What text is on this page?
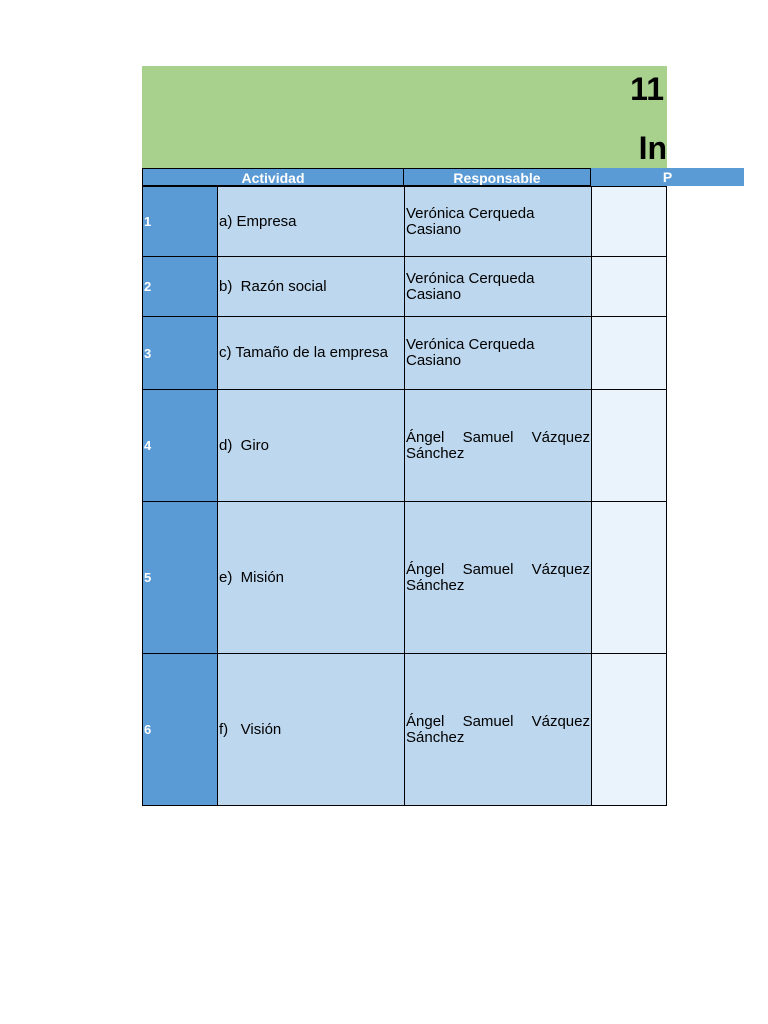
11
In
Actividad	Responsable	P
1	a) Empresa	Verónica Cerqueda Casiano
2	b)  Razón social	Verónica Cerqueda Casiano
3	c) Tamaño de la empresa	Verónica Cerqueda Casiano
4	d)  Giro	Ángel Samuel Vázquez Sánchez
5	e)  Misión	Ángel Samuel Vázquez Sánchez
6	f)   Visión	Ángel Samuel Vázquez Sánchez
